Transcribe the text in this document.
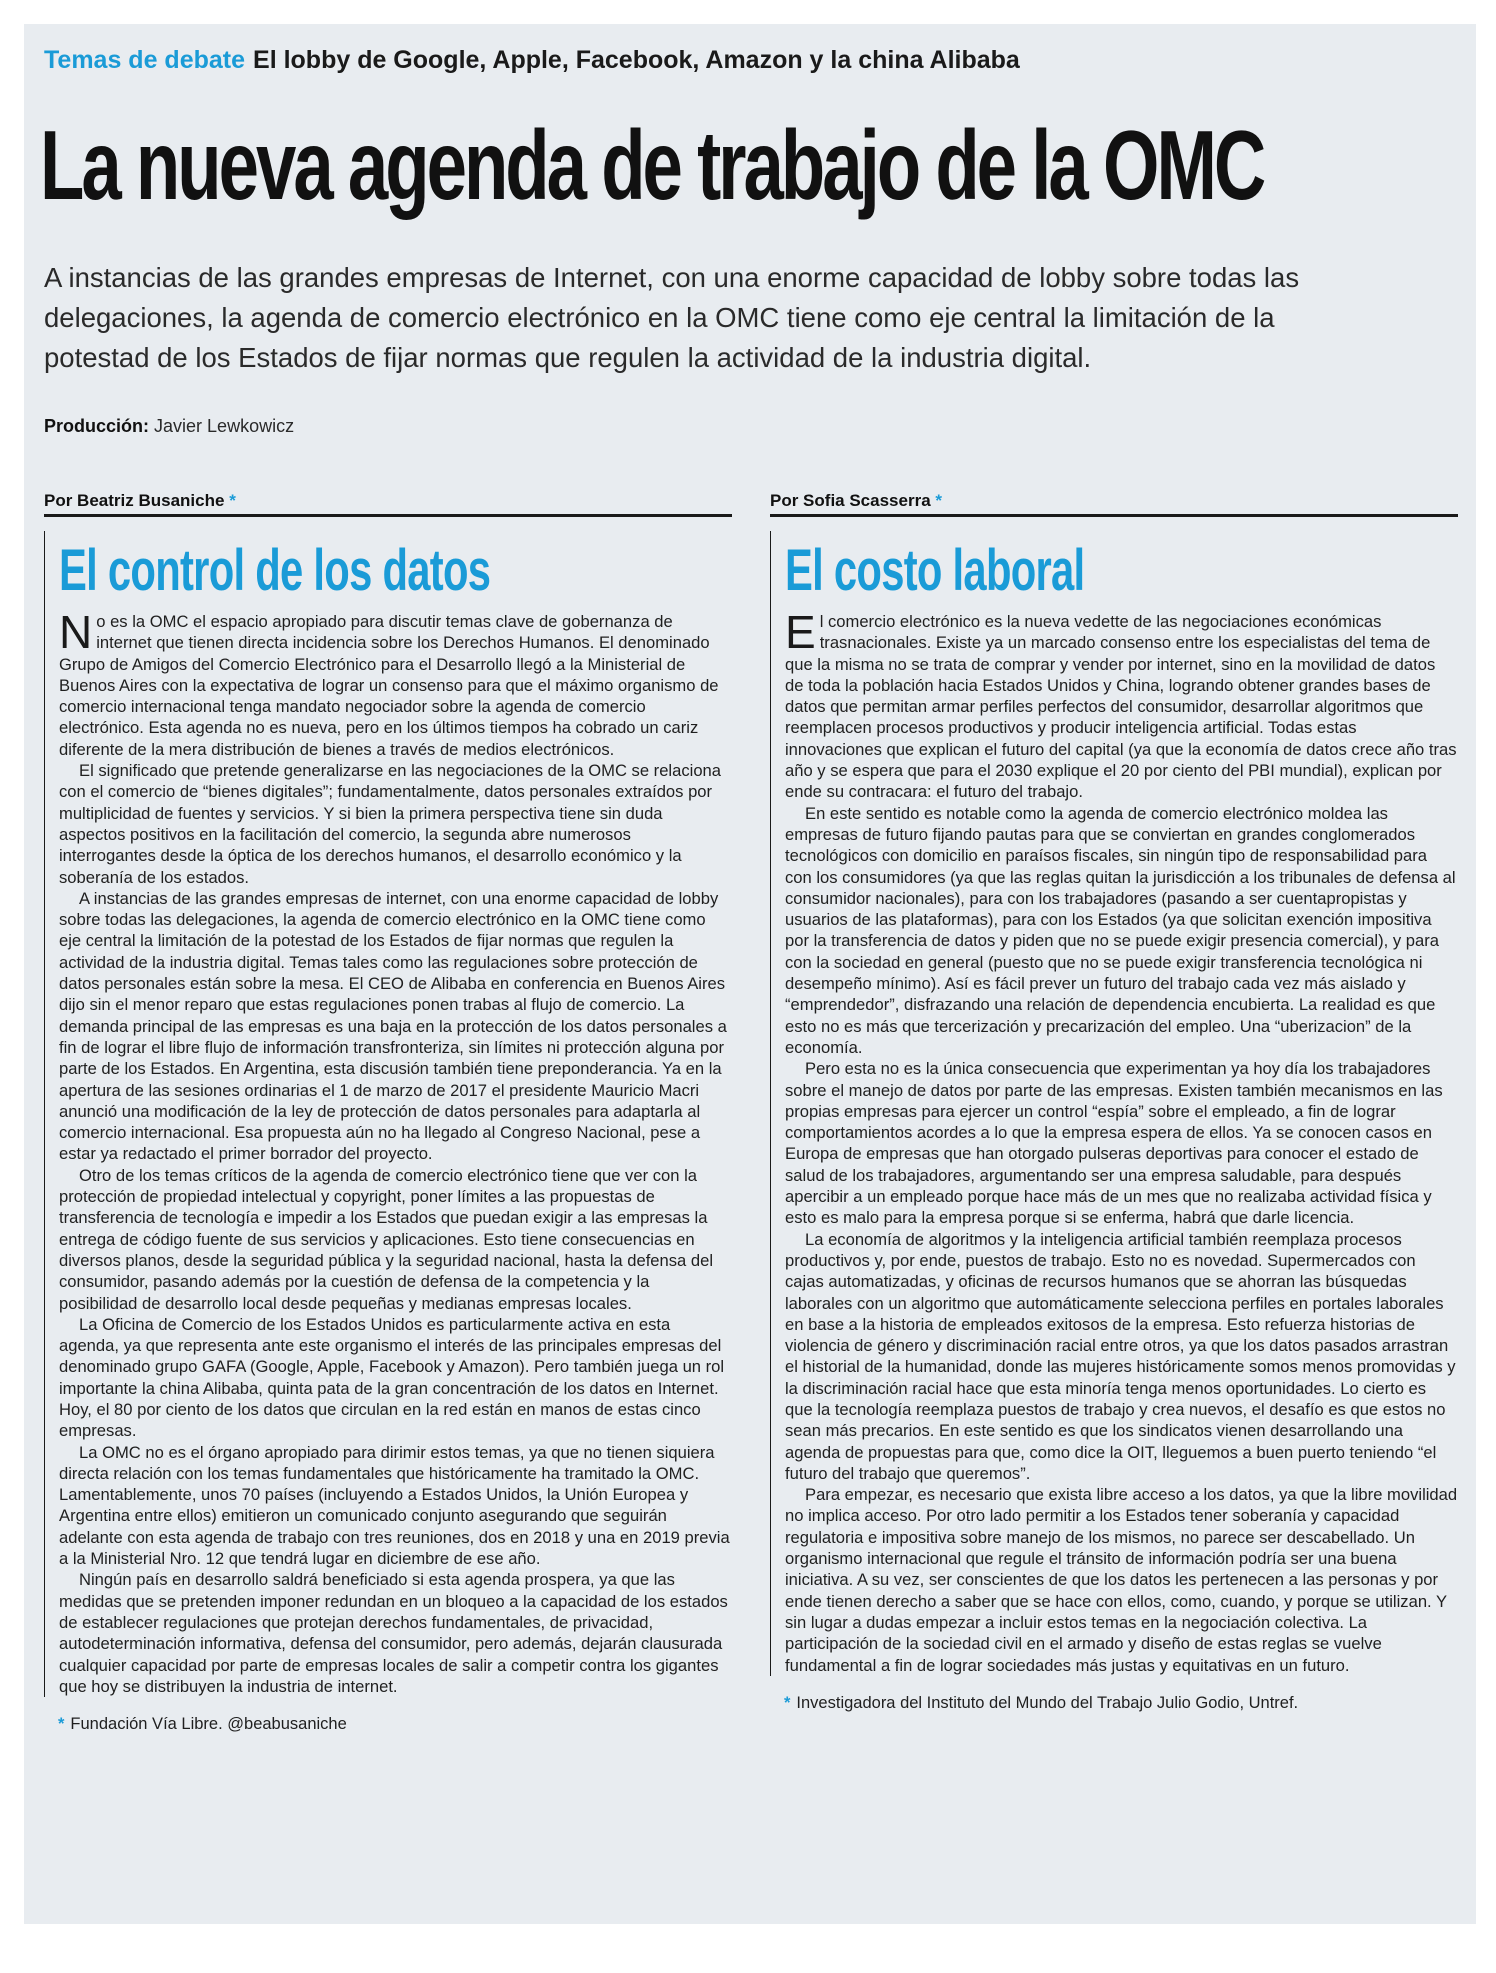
Temas de debate El lobby de Google, Apple, Facebook, Amazon y la china Alibaba
La nueva agenda de trabajo de la OMC
A instancias de las grandes empresas de Internet, con una enorme capacidad de lobby sobre todas las delegaciones, la agenda de comercio electrónico en la OMC tiene como eje central la limitación de la potestad de los Estados de fijar normas que regulen la actividad de la industria digital.
Producción: Javier Lewkowicz
Por Beatriz Busaniche *
El control de los datos

No es la OMC el espacio apropiado para discutir temas clave de gobernanza de internet que tienen directa incidencia sobre los Derechos Humanos. El denominado Grupo de Amigos del Comercio Electrónico para el Desarrollo llegó a la Ministerial de Buenos Aires con la expectativa de lograr un consenso para que el máximo organismo de comercio internacional tenga mandato negociador sobre la agenda de comercio electrónico. Esta agenda no es nueva, pero en los últimos tiempos ha cobrado un cariz diferente de la mera distribución de bienes a través de medios electrónicos.

El significado que pretende generalizarse en las negociaciones de la OMC se relaciona con el comercio de “bienes digitales”; fundamentalmente, datos personales extraídos por multiplicidad de fuentes y servicios. Y si bien la primera perspectiva tiene sin duda aspectos positivos en la facilitación del comercio, la segunda abre numerosos interrogantes desde la óptica de los derechos humanos, el desarrollo económico y la soberanía de los estados.

A instancias de las grandes empresas de internet, con una enorme capacidad de lobby sobre todas las delegaciones, la agenda de comercio electrónico en la OMC tiene como eje central la limitación de la potestad de los Estados de fijar normas que regulen la actividad de la industria digital. Temas tales como las regulaciones sobre protección de datos personales están sobre la mesa. El CEO de Alibaba en conferencia en Buenos Aires dijo sin el menor reparo que estas regulaciones ponen trabas al flujo de comercio. La demanda principal de las empresas es una baja en la protección de los datos personales a fin de lograr el libre flujo de información transfronteriza, sin límites ni protección alguna por parte de los Estados. En Argentina, esta discusión también tiene preponderancia. Ya en la apertura de las sesiones ordinarias el 1 de marzo de 2017 el presidente Mauricio Macri anunció una modificación de la ley de protección de datos personales para adaptarla al comercio internacional. Esa propuesta aún no ha llegado al Congreso Nacional, pese a estar ya redactado el primer borrador del proyecto.

Otro de los temas críticos de la agenda de comercio electrónico tiene que ver con la protección de propiedad intelectual y copyright, poner límites a las propuestas de transferencia de tecnología e impedir a los Estados que puedan exigir a las empresas la entrega de código fuente de sus servicios y aplicaciones. Esto tiene consecuencias en diversos planos, desde la seguridad pública y la seguridad nacional, hasta la defensa del consumidor, pasando además por la cuestión de defensa de la competencia y la posibilidad de desarrollo local desde pequeñas y medianas empresas locales.

La Oficina de Comercio de los Estados Unidos es particularmente activa en esta agenda, ya que representa ante este organismo el interés de las principales empresas del denominado grupo GAFA (Google, Apple, Facebook y Amazon). Pero también juega un rol importante la china Alibaba, quinta pata de la gran concentración de los datos en Internet. Hoy, el 80 por ciento de los datos que circulan en la red están en manos de estas cinco empresas.

La OMC no es el órgano apropiado para dirimir estos temas, ya que no tienen siquiera directa relación con los temas fundamentales que históricamente ha tramitado la OMC. Lamentablemente, unos 70 países (incluyendo a Estados Unidos, la Unión Europea y Argentina entre ellos) emitieron un comunicado conjunto asegurando que seguirán adelante con esta agenda de trabajo con tres reuniones, dos en 2018 y una en 2019 previa a la Ministerial Nro. 12 que tendrá lugar en diciembre de ese año.

Ningún país en desarrollo saldrá beneficiado si esta agenda prospera, ya que las medidas que se pretenden imponer redundan en un bloqueo a la capacidad de los estados de establecer regulaciones que protejan derechos fundamentales, de privacidad, autodeterminación informativa, defensa del consumidor, pero además, dejarán clausurada cualquier capacidad por parte de empresas locales de salir a competir contra los gigantes que hoy se distribuyen la industria de internet.

* Fundación Vía Libre. @beabusaniche
Por Sofia Scasserra *
El costo laboral

El comercio electrónico es la nueva vedette de las negociaciones económicas trasnacionales. Existe ya un marcado consenso entre los especialistas del tema de que la misma no se trata de comprar y vender por internet, sino en la movilidad de datos de toda la población hacia Estados Unidos y China, logrando obtener grandes bases de datos que permitan armar perfiles perfectos del consumidor, desarrollar algoritmos que reemplacen procesos productivos y producir inteligencia artificial. Todas estas innovaciones que explican el futuro del capital (ya que la economía de datos crece año tras año y se espera que para el 2030 explique el 20 por ciento del PBI mundial), explican por ende su contracara: el futuro del trabajo.

En este sentido es notable como la agenda de comercio electrónico moldea las empresas de futuro fijando pautas para que se conviertan en grandes conglomerados tecnológicos con domicilio en paraísos fiscales, sin ningún tipo de responsabilidad para con los consumidores (ya que las reglas quitan la jurisdicción a los tribunales de defensa al consumidor nacionales), para con los trabajadores (pasando a ser cuentapropistas y usuarios de las plataformas), para con los Estados (ya que solicitan exención impositiva por la transferencia de datos y piden que no se puede exigir presencia comercial), y para con la sociedad en general (puesto que no se puede exigir transferencia tecnológica ni desempeño mínimo). Así es fácil prever un futuro del trabajo cada vez más aislado y “emprendedor”, disfrazando una relación de dependencia encubierta. La realidad es que esto no es más que tercerización y precarización del empleo. Una “uberizacion” de la economía.

Pero esta no es la única consecuencia que experimentan ya hoy día los trabajadores sobre el manejo de datos por parte de las empresas. Existen también mecanismos en las propias empresas para ejercer un control “espía” sobre el empleado, a fin de lograr comportamientos acordes a lo que la empresa espera de ellos. Ya se conocen casos en Europa de empresas que han otorgado pulseras deportivas para conocer el estado de salud de los trabajadores, argumentando ser una empresa saludable, para después apercibir a un empleado porque hace más de un mes que no realizaba actividad física y esto es malo para la empresa porque si se enferma, habrá que darle licencia.

La economía de algoritmos y la inteligencia artificial también reemplaza procesos productivos y, por ende, puestos de trabajo. Esto no es novedad. Supermercados con cajas automatizadas, y oficinas de recursos humanos que se ahorran las búsquedas laborales con un algoritmo que automáticamente selecciona perfiles en portales laborales en base a la historia de empleados exitosos de la empresa. Esto refuerza historias de violencia de género y discriminación racial entre otros, ya que los datos pasados arrastran el historial de la humanidad, donde las mujeres históricamente somos menos promovidas y la discriminación racial hace que esta minoría tenga menos oportunidades. Lo cierto es que la tecnología reemplaza puestos de trabajo y crea nuevos, el desafío es que estos no sean más precarios. En este sentido es que los sindicatos vienen desarrollando una agenda de propuestas para que, como dice la OIT, lleguemos a buen puerto teniendo “el futuro del trabajo que queremos”.

Para empezar, es necesario que exista libre acceso a los datos, ya que la libre movilidad no implica acceso. Por otro lado permitir a los Estados tener soberanía y capacidad regulatoria e impositiva sobre manejo de los mismos, no parece ser descabellado. Un organismo internacional que regule el tránsito de información podría ser una buena iniciativa. A su vez, ser conscientes de que los datos les pertenecen a las personas y por ende tienen derecho a saber que se hace con ellos, como, cuando, y porque se utilizan. Y sin lugar a dudas empezar a incluir estos temas en la negociación colectiva. La participación de la sociedad civil en el armado y diseño de estas reglas se vuelve fundamental a fin de lograr sociedades más justas y equitativas en un futuro.

* Investigadora del Instituto del Mundo del Trabajo Julio Godio, Untref.
